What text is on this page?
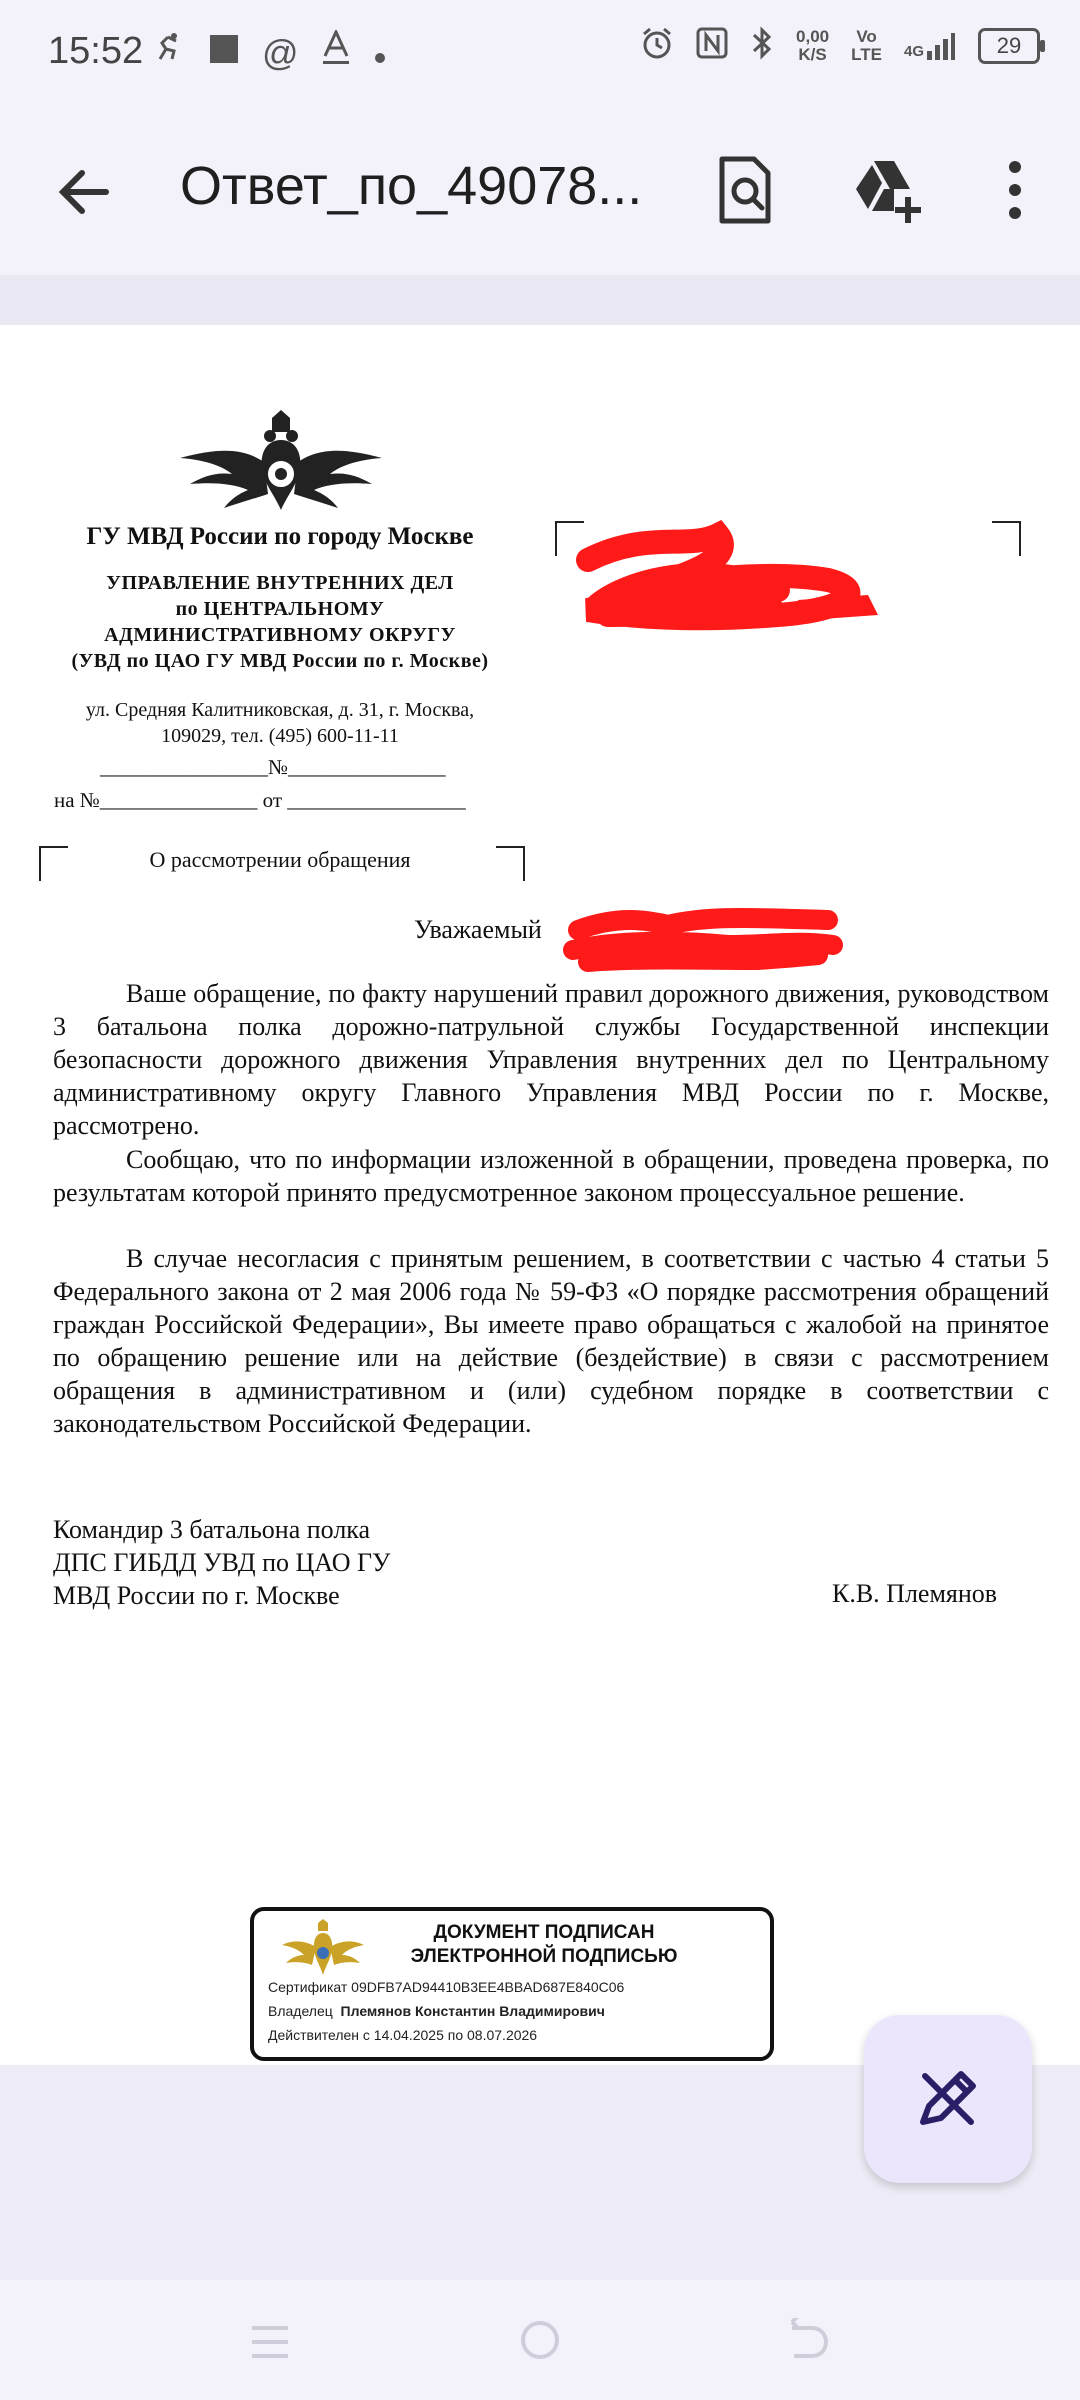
15:52	@	0,00
K/S
Vo
LTE 4G	29
Ответ_по_49078...
ГУ МВД России по городу Москве
УПРАВЛЕНИЕ ВНУТРЕННИХ ДЕЛ
по ЦЕНТРАЛЬНОМУ
АДМИНИСТРАТИВНОМУ ОКРУГУ
(УВД по ЦАО ГУ МВД России по г. Москве)
ул. Средняя Калитниковская, д. 31, г. Москва,
109029, тел. (495) 600-11-11
________________№_______________
на №_______________ от _________________
О рассмотрении обращения
Уважаемый
Ваше обращение, по факту нарушений правил дорожного движения, руководством 3 батальона полка дорожно-патрульной службы Государственной инспекции безопасности дорожного движения Управления внутренних дел по Центральному административному округу Главного Управления МВД России по г. Москве, рассмотрено.
Сообщаю, что по информации изложенной в обращении, проведена проверка, по результатам которой принято предусмотренное законом процессуальное решение.
В случае несогласия с принятым решением, в соответствии с частью 4 статьи 5 Федерального закона от 2 мая 2006 года № 59-ФЗ «О порядке рассмотрения обращений граждан Российской Федерации», Вы имеете право обращаться с жалобой на принятое по обращению решение или на действие (бездействие) в связи с рассмотрением обращения в административном и (или) судебном порядке в соответствии с законодательством Российской Федерации.
Командир 3 батальона полка
ДПС ГИБДД УВД по ЦАО ГУ
МВД России по г. Москве	К.В. Племянов
ДОКУМЕНТ ПОДПИСАН
ЭЛЕКТРОННОЙ ПОДПИСЬЮ
Сертификат 09DFB7AD94410B3EE4BBAD687E840C06
Владелец Племянов Константин Владимирович
Действителен с 14.04.2025 по 08.07.2026
